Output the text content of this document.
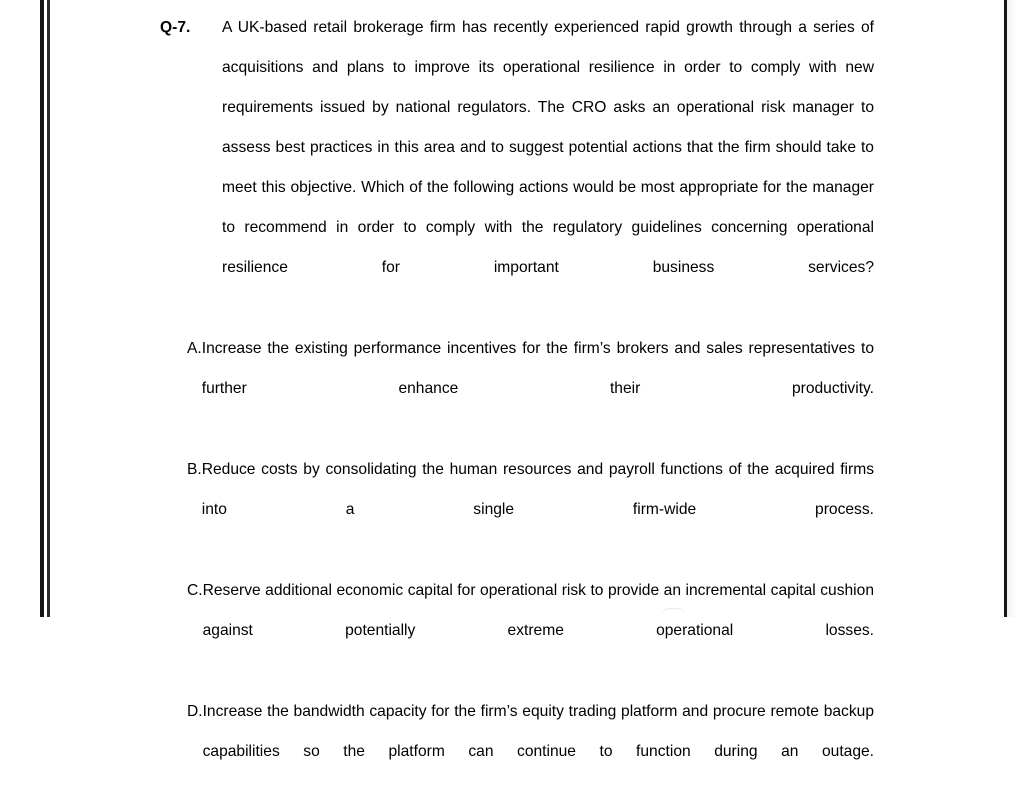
Q-7.	A UK-based retail brokerage firm has recently experienced rapid growth through a series of acquisitions and plans to improve its operational resilience in order to comply with new requirements issued by national regulators. The CRO asks an operational risk manager to assess best practices in this area and to suggest potential actions that the firm should take to meet this objective. Which of the following actions would be most appropriate for the manager to recommend in order to comply with the regulatory guidelines concerning operational resilience for important business services?
A. Increase the existing performance incentives for the firm’s brokers and sales representatives to further enhance their productivity.
B. Reduce costs by consolidating the human resources and payroll functions of the acquired firms into a single firm-wide process.
C. Reserve additional economic capital for operational risk to provide an incremental capital cushion against potentially extreme operational losses.
D. Increase the bandwidth capacity for the firm’s equity trading platform and procure remote backup capabilities so the platform can continue to function during an outage.
